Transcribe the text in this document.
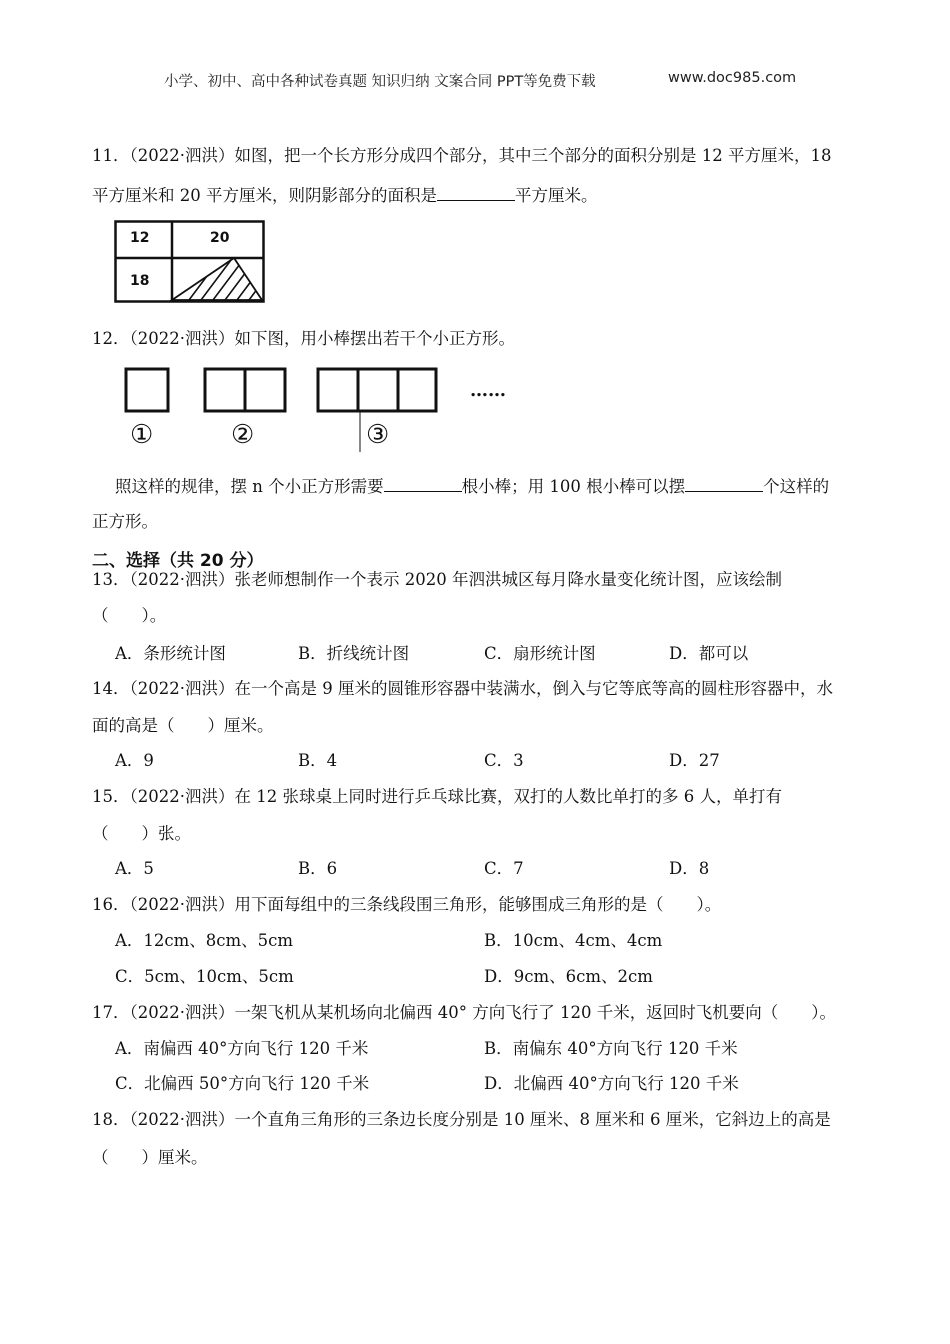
小学、初中、高中各种试卷真题 知识归纳 文案合同 PPT等免费下载	www.doc985.com
11．（2022·泗洪）如图，把一个长方形分成四个部分，其中三个部分的面积分别是 12 平方厘米，18
平方厘米和 20 平方厘米，则阴影部分的面积是	平方厘米。
12	20
18
12．（2022·泗洪）如下图，用小棒摆出若干个小正方形。
①	②	③
……
照这样的规律，摆 n 个小正方形需要	根小棒；用 100 根小棒可以摆	个这样的
正方形。
二、选择（共 20 分）
13．（2022·泗洪）张老师想制作一个表示 2020 年泗洪城区每月降水量变化统计图，应该绘制
（　　）。
A．条形统计图	B．折线统计图	C．扇形统计图	D．都可以
14．（2022·泗洪）在一个高是 9 厘米的圆锥形容器中装满水，倒入与它等底等高的圆柱形容器中，水
面的高是（　　）厘米。
A．9	B．4	C．3	D．27
15．（2022·泗洪）在 12 张球桌上同时进行乒乓球比赛，双打的人数比单打的多 6 人，单打有
（　　）张。
A．5	B．6	C．7	D．8
16．（2022·泗洪）用下面每组中的三条线段围三角形，能够围成三角形的是（　　）。
A．12cm、8cm、5cm	B．10cm、4cm、4cm
C．5cm、10cm、5cm	D．9cm、6cm、2cm
17．（2022·泗洪）一架飞机从某机场向北偏西 40° 方向飞行了 120 千米，返回时飞机要向（　　）。
A．南偏西 40°方向飞行 120 千米	B．南偏东 40°方向飞行 120 千米
C．北偏西 50°方向飞行 120 千米	D．北偏西 40°方向飞行 120 千米
18．（2022·泗洪）一个直角三角形的三条边长度分别是 10 厘米、8 厘米和 6 厘米，它斜边上的高是
（　　）厘米。
